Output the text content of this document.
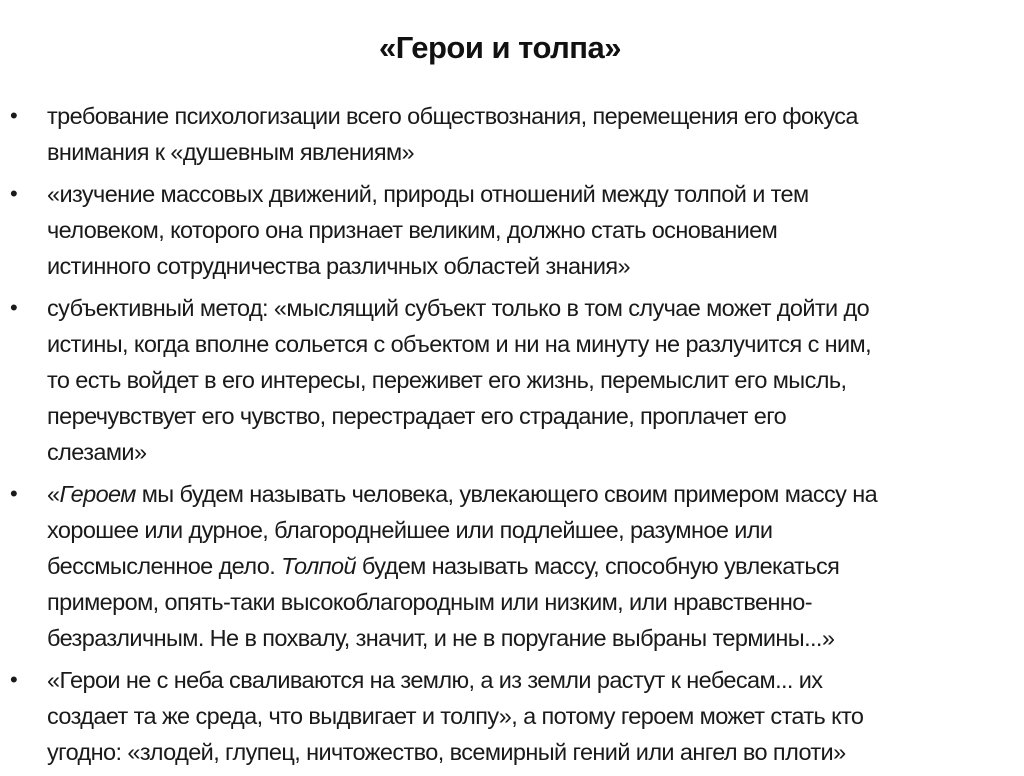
«Герои и толпа»
• требование психологизации всего обществознания, перемещения его фокуса
внимания к «душевным явлениям»
• «изучение массовых движений, природы отношений между толпой и тем
человеком, которого она признает великим, должно стать основанием
истинного сотрудничества различных областей знания»
• субъективный метод: «мыслящий субъект только в том случае может дойти до
истины, когда вполне сольется с объектом и ни на минуту не разлучится с ним,
то есть войдет в его интересы, переживет его жизнь, перемыслит его мысль,
перечувствует его чувство, перестрадает его страдание, проплачет его
слезами»
• «Героем мы будем называть человека, увлекающего своим примером массу на
хорошее или дурное, благороднейшее или подлейшее, разумное или
бессмысленное дело. Толпой будем называть массу, способную увлекаться
примером, опять-таки высокоблагородным или низким, или нравственно-
безразличным. Не в похвалу, значит, и не в поругание выбраны термины...»
• «Герои не с неба сваливаются на землю, а из земли растут к небесам... их
создает та же среда, что выдвигает и толпу», а потому героем может стать кто
угодно: «злодей, глупец, ничтожество, всемирный гений или ангел во плоти»
